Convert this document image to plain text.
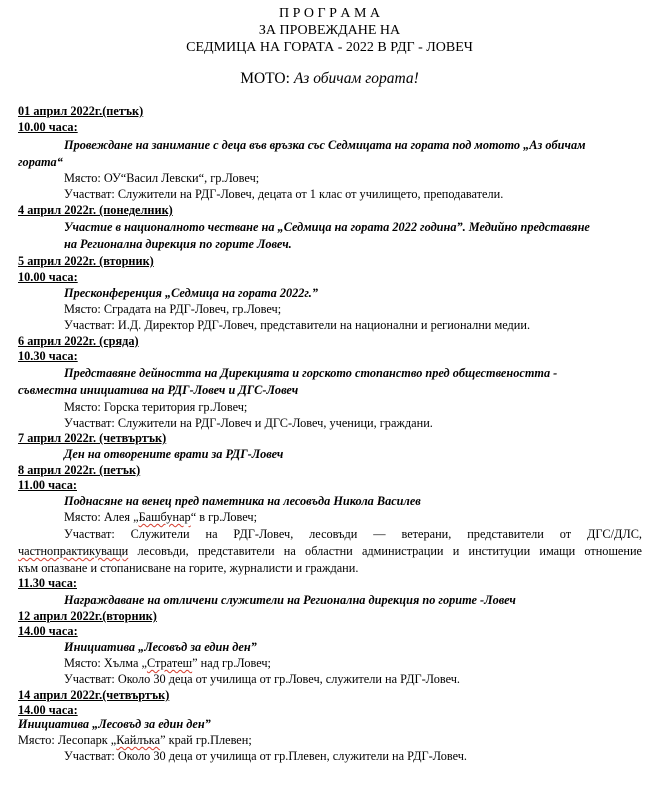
П Р О Г Р А М А
ЗА ПРОВЕЖДАНЕ НА
СЕДМИЦА НА ГОРАТА - 2022 В РДГ - ЛОВЕЧ
МОТО: Аз обичам гората!
01 април 2022г.(петък)
10.00 часа:
Провеждане на занимание с деца във връзка със Седмицата на гората под мотото „Аз обичам
гората“
Място: ОУ“Васил Левски“, гр.Ловеч;
Участват: Служители на РДГ-Ловеч, децата от 1 клас от училището, преподаватели.
4 април 2022г. (понеделник)
Участие в националното честване на „Седмица на гората 2022 година”. Медийно представяне
на Регионална дирекция по горите Ловеч.
5 април 2022г. (вторник)
10.00 часа:
Пресконференция „Седмица на гората 2022г.”
Място: Сградата на РДГ-Ловеч, гр.Ловеч;
Участват: И.Д. Директор РДГ-Ловеч, представители на национални и регионални медии.
6 април 2022г. (сряда)
10.30 часа:
Представяне дейността на Дирекцията и горското стопанство пред обществеността -
съвместна инициатива на РДГ-Ловеч и ДГС-Ловеч
Място: Горска територия гр.Ловеч;
Участват: Служители на РДГ-Ловеч и ДГС-Ловеч, ученици, граждани.
7 април 2022г. (четвъртък)
Ден на отворените врати за РДГ-Ловеч
8 април 2022г. (петък)
11.00 часа:
Поднасяне на венец пред паметника на лесовъда Никола Василев
Място: Алея „Башбунар“ в гр.Ловеч;
Участват: Служители на РДГ-Ловеч, лесовъди — ветерани, представители от ДГС/ДЛС,
частнопрактикуващи лесовъди, представители на областни администрации и институции имащи отношение
към опазване и стопанисване на горите, журналисти и граждани.
11.30 часа:
Награждаване на отличени служители на Регионална дирекция по горите -Ловеч
12 април 2022г.(вторник)
14.00 часа:
Инициатива „Лесовъд за един ден”
Място: Хълма „Стратеш” над гр.Ловеч;
Участват: Около 30 деца от училища от гр.Ловеч, служители на РДГ-Ловеч.
14 април 2022г.(четвъртък)
14.00 часа:
Инициатива „Лесовъд за един ден”
Място: Лесопарк „Кайлъка” край гр.Плевен;
Участват: Около 30 деца от училища от гр.Плевен, служители на РДГ-Ловеч.
